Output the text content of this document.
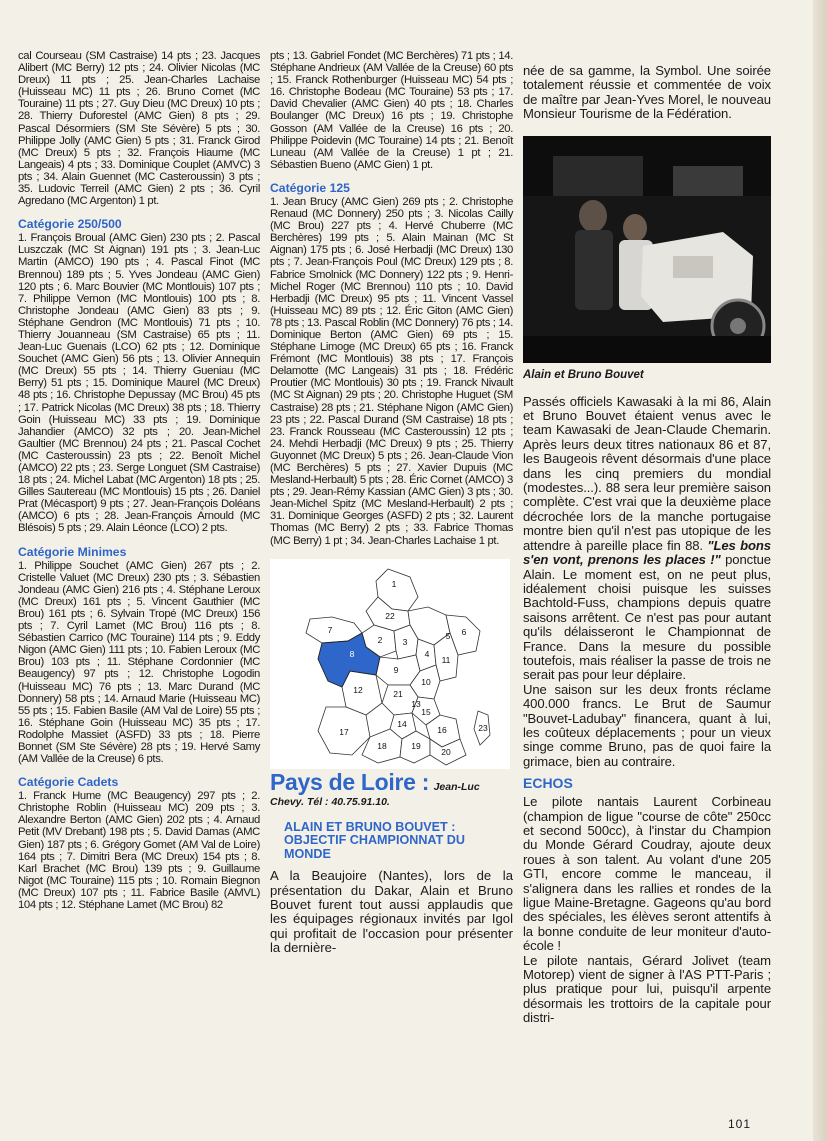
cal Courseau (SM Castraise) 14 pts ; 23. Jacques Alibert (MC Berry) 12 pts ; 24. Olivier Nicolas (MC Dreux) 11 pts ; 25. Jean-Charles Lachaise (Huisseau MC) 11 pts ; 26. Bruno Cornet (MC Touraine) 11 pts ; 27. Guy Dieu (MC Dreux) 10 pts ; 28. Thierry Duforestel (AMC Gien) 8 pts ; 29. Pascal Désormiers (SM Ste Sévère) 5 pts ; 30. Philippe Jolly (AMC Gien) 5 pts ; 31. Franck Girod (MC Dreux) 5 pts ; 32. François Hiaume (MC Langeais) 4 pts ; 33. Dominique Couplet (AMVC) 3 pts ; 34. Alain Guennet (MC Casteroussin) 3 pts ; 35. Ludovic Terreil (AMC Gien) 2 pts ; 36. Cyril Agredano (MC Argenton) 1 pt.

Catégorie 250/500

1. François Broual (AMC Gien) 230 pts ; 2. Pascal Luszczak (MC St Aignan) 191 pts ; 3. Jean-Luc Martin (AMCO) 190 pts ; 4. Pascal Finot (MC Brennou) 189 pts ; 5. Yves Jondeau (AMC Gien) 120 pts ; 6. Marc Bouvier (MC Montlouis) 107 pts ; 7. Philippe Vernon (MC Montlouis) 100 pts ; 8. Christophe Jondeau (AMC Gien) 83 pts ; 9. Stéphane Gendron (MC Montlouis) 71 pts ; 10. Thierry Jouanneau (SM Castraise) 65 pts ; 11. Jean-Luc Guenais (LCO) 62 pts ; 12. Dominique Souchet (AMC Gien) 56 pts ; 13. Olivier Annequin (MC Dreux) 55 pts ; 14. Thierry Gueniau (MC Berry) 51 pts ; 15. Dominique Maurel (MC Dreux) 48 pts ; 16. Christophe Depussay (MC Brou) 45 pts ; 17. Patrick Nicolas (MC Dreux) 38 pts ; 18. Thierry Goin (Huisseau MC) 33 pts ; 19. Dominique Jahandier (AMCO) 32 pts ; 20. Jean-Michel Gaultier (MC Brennou) 24 pts ; 21. Pascal Cochet (MC Casteroussin) 23 pts ; 22. Benoît Michel (AMCO) 22 pts ; 23. Serge Longuet (SM Castraise) 18 pts ; 24. Michel Labat (MC Argenton) 18 pts ; 25. Gilles Sautereau (MC Montlouis) 15 pts ; 26. Daniel Prat (Mécasport) 9 pts ; 27. Jean-François Doléans (AMCO) 6 pts ; 28. Jean-François Arnould (MC Blésois) 5 pts ; 29. Alain Léonce (LCO) 2 pts.

Catégorie Minimes

1. Philippe Souchet (AMC Gien) 267 pts ; 2. Cristelle Valuet (MC Dreux) 230 pts ; 3. Sébastien Jondeau (AMC Gien) 216 pts ; 4. Stéphane Leroux (MC Dreux) 161 pts ; 5. Vincent Gauthier (MC Brou) 161 pts ; 6. Sylvain Tropé (MC Dreux) 156 pts ; 7. Cyril Lamet (MC Brou) 116 pts ; 8. Sébastien Carrico (MC Touraine) 114 pts ; 9. Eddy Nigon (AMC Gien) 111 pts ; 10. Fabien Leroux (MC Brou) 103 pts ; 11. Stéphane Cordonnier (MC Beaugency) 97 pts ; 12. Christophe Logodin (Huisseau MC) 76 pts ; 13. Marc Durand (MC Donnery) 58 pts ; 14. Arnaud Marie (Huisseau MC) 55 pts ; 15. Fabien Basile (AM Val de Loire) 55 pts ; 16. Stéphane Goin (Huisseau MC) 35 pts ; 17. Rodolphe Massiet (ASFD) 33 pts ; 18. Pierre Bonnet (SM Ste Sévère) 28 pts ; 19. Hervé Samy (AM Vallée de la Creuse) 6 pts.

Catégorie Cadets

1. Franck Hume (MC Beaugency) 297 pts ; 2. Christophe Roblin (Huisseau MC) 209 pts ; 3. Alexandre Berton (AMC Gien) 202 pts ; 4. Arnaud Petit (MV Drebant) 198 pts ; 5. David Damas (AMC Gien) 187 pts ; 6. Grégory Gomet (AM Val de Loire) 164 pts ; 7. Dimitri Bera (MC Dreux) 154 pts ; 8. Karl Brachet (MC Brou) 139 pts ; 9. Guillaume Nigot (MC Touraine) 115 pts ; 10. Romain Biegnon (MC Dreux) 107 pts ; 11. Fabrice Basile (AMVL) 104 pts ; 12. Stéphane Lamet (MC Brou) 82

pts ; 13. Gabriel Fondet (MC Berchères) 71 pts ; 14. Stéphane Andrieux (AM Vallée de la Creuse) 60 pts ; 15. Franck Rothenburger (Huisseau MC) 54 pts ; 16. Christophe Bodeau (MC Touraine) 53 pts ; 17. David Chevalier (AMC Gien) 40 pts ; 18. Charles Boulanger (MC Dreux) 16 pts ; 19. Christophe Gosson (AM Vallée de la Creuse) 16 pts ; 20. Philippe Poidevin (MC Touraine) 14 pts ; 21. Benoît Luneau (AM Vallée de la Creuse) 1 pt ; 21. Sébastien Bueno (AMC Gien) 1 pt.

Catégorie 125

1. Jean Brucy (AMC Gien) 269 pts ; 2. Christophe Renaud (MC Donnery) 250 pts ; 3. Nicolas Cailly (MC Brou) 227 pts ; 4. Hervé Chuberre (MC Berchères) 199 pts ; 5. Alain Mainan (MC St Aignan) 175 pts ; 6. José Herbadji (MC Dreux) 130 pts ; 7. Jean-François Poul (MC Dreux) 129 pts ; 8. Fabrice Smolnick (MC Donnery) 122 pts ; 9. Henri-Michel Roger (MC Brennou) 110 pts ; 10. David Herbadji (MC Dreux) 95 pts ; 11. Vincent Vassel (Huisseau MC) 89 pts ; 12. Éric Giton (AMC Gien) 78 pts ; 13. Pascal Roblin (MC Donnery) 76 pts ; 14. Dominique Berton (AMC Gien) 69 pts ; 15. Stéphane Limoge (MC Dreux) 65 pts ; 16. Franck Frémont (MC Montlouis) 38 pts ; 17. François Delamotte (MC Langeais) 31 pts ; 18. Frédéric Proutier (MC Montlouis) 30 pts ; 19. Franck Nivault (MC St Aignan) 29 pts ; 20. Christophe Huguet (SM Castraise) 28 pts ; 21. Stéphane Nigon (AMC Gien) 23 pts ; 22. Pascal Durand (SM Castraise) 18 pts ; 23. Franck Rousseau (MC Casteroussin) 12 pts ; 24. Mehdi Herbadji (MC Dreux) 9 pts ; 25. Thierry Guyonnet (MC Dreux) 5 pts ; 26. Jean-Claude Vion (MC Berchères) 5 pts ; 27. Xavier Dupuis (MC Mesland-Herbault) 5 pts ; 28. Éric Cornet (AMCO) 3 pts ; 29. Jean-Rémy Kassian (AMC Gien) 3 pts ; 30. Jean-Michel Spitz (MC Mesland-Herbault) 2 pts ; 31. Dominique Georges (ASFD) 2 pts ; 32. Laurent Thomas (MC Berry) 2 pts ; 33. Fabrice Thomas (MC Berry) 1 pt ; 34. Jean-Charles Lachaise 1 pt.

1
22
3
2
4
5 6
7
8
9
10
11
12
13
14
15
16
17
18	19
20
21
23
Pays de Loire : Jean-Luc Chevy. Tél : 40.75.91.10.
ALAIN ET BRUNO BOUVET : OBJECTIF CHAMPIONNAT DU MONDE

A la Beaujoire (Nantes), lors de la présentation du Dakar, Alain et Bruno Bouvet furent tout aussi applaudis que les équipages régionaux invités par Igol qui profitait de l'occasion pour présenter la dernière-

née de sa gamme, la Symbol. Une soirée totalement réussie et commentée de voix de maître par Jean-Yves Morel, le nouveau Monsieur Tourisme de la Fédération.

Alain et Bruno Bouvet

Passés officiels Kawasaki à la mi 86, Alain et Bruno Bouvet étaient venus avec le team Kawasaki de Jean-Claude Chemarin. Après leurs deux titres nationaux 86 et 87, les Baugeois rêvent désormais d'une place dans les cinq premiers du mondial (modestes...). 88 sera leur première saison complète. C'est vrai que la deuxième place décrochée lors de la manche portugaise montre bien qu'il n'est pas utopique de les attendre à pareille place fin 88. "Les bons s'en vont, prenons les places !" ponctue Alain. Le moment est, on ne peut plus, idéalement choisi puisque les suisses Bachtold-Fuss, champions depuis quatre saisons arrêtent. Ce n'est pas pour autant qu'ils délaisseront le Championnat de France. Dans la mesure du possible toutefois, mais réaliser la passe de trois ne serait pas pour leur déplaire.

Une saison sur les deux fronts réclame 400.000 francs. Le Brut de Saumur "Bouvet-Ladubay" financera, quant à lui, les coûteux déplacements ; pour un vieux singe comme Bruno, pas de quoi faire la grimace, bien au contraire.

ECHOS

Le pilote nantais Laurent Corbineau (champion de ligue "course de côte" 250cc et second 500cc), à l'instar du Champion du Monde Gérard Coudray, ajoute deux roues à son talent. Au volant d'une 205 GTI, encore comme le manceau, il s'alignera dans les rallies et rondes de la ligue Maine-Bretagne. Gageons qu'au bord des spéciales, les élèves seront attentifs à la bonne conduite de leur moniteur d'auto-école !

Le pilote nantais, Gérard Jolivet (team Motorep) vient de signer à l'AS PTT-Paris ; plus pratique pour lui, puisqu'il arpente désormais les trottoirs de la capitale pour distri-

101
